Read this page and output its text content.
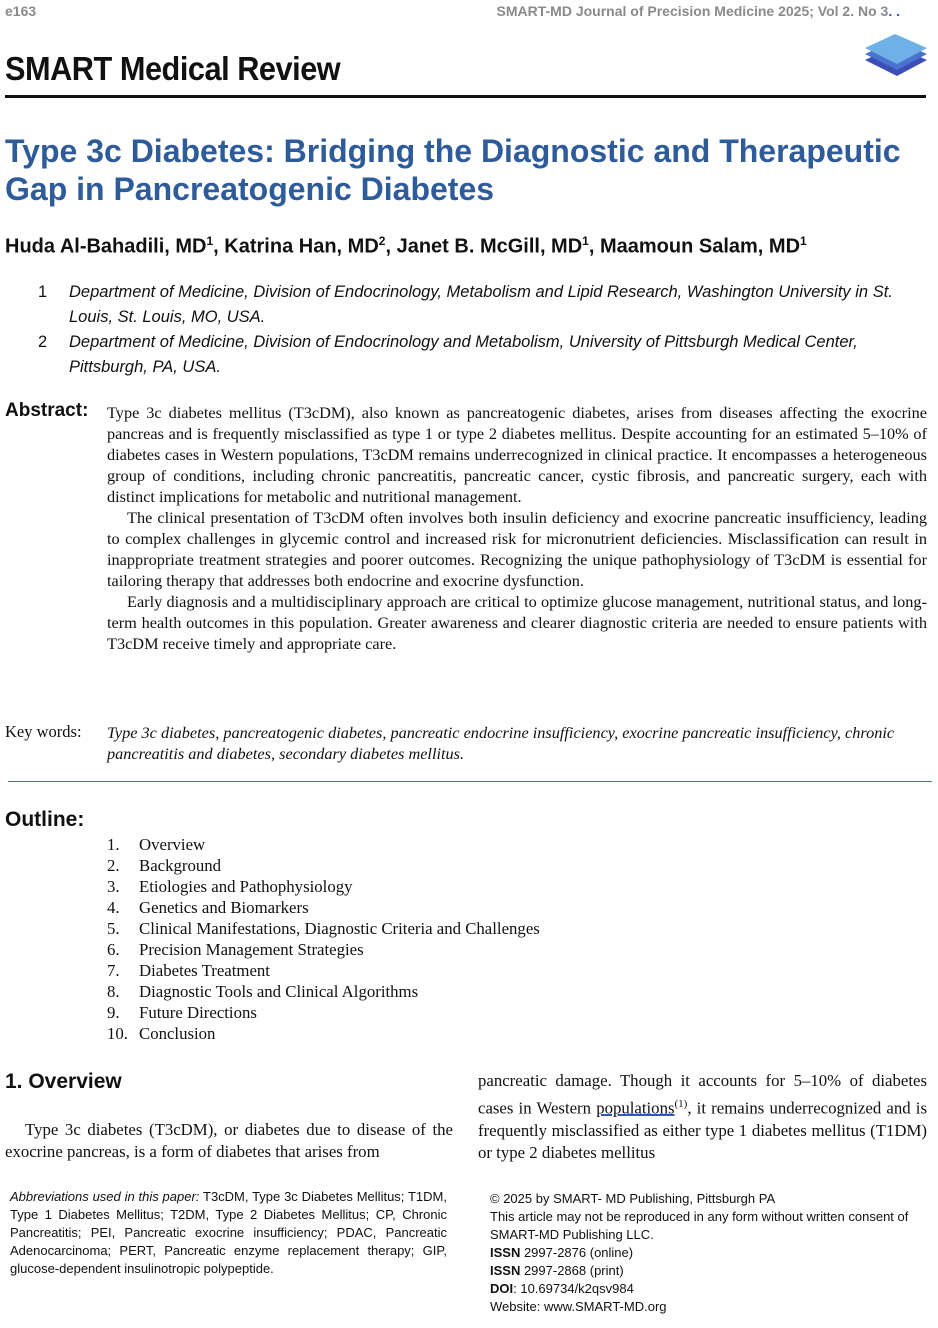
e163	SMART-MD Journal of Precision Medicine 2025; Vol 2. No 3. .
SMART Medical Review
Type 3c Diabetes: Bridging the Diagnostic and Therapeutic Gap in Pancreatogenic Diabetes
Huda Al-Bahadili, $MD^1$, Katrina Han, $MD^2$, Janet B. McGill, $MD^1$, Maamoun Salam, $MD^1$
1 Department of Medicine, Division of Endocrinology, Metabolism and Lipid Research, Washington University in St. Louis, St. Louis, MO, USA.
2 Department of Medicine, Division of Endocrinology and Metabolism, University of Pittsburgh Medical Center, Pittsburgh, PA, USA.
Abstract: Type 3c diabetes mellitus (T3cDM), also known as pancreatogenic diabetes, arises from diseases affecting the exocrine pancreas and is frequently misclassified as type 1 or type 2 diabetes mellitus. Despite accounting for an estimated 5–10% of diabetes cases in Western populations, T3cDM remains underrecognized in clinical practice. It encompasses a heterogeneous group of conditions, including chronic pancreatitis, pancreatic cancer, cystic fibrosis, and pancreatic surgery, each with distinct implications for metabolic and nutritional management.

The clinical presentation of T3cDM often involves both insulin deficiency and exocrine pancreatic insufficiency, leading to complex challenges in glycemic control and increased risk for micronutrient deficiencies. Misclassification can result in inappropriate treatment strategies and poorer outcomes. Recognizing the unique pathophysiology of T3cDM is essential for tailoring therapy that addresses both endocrine and exocrine dysfunction.

Early diagnosis and a multidisciplinary approach are critical to optimize glucose management, nutritional status, and long-term health outcomes in this population. Greater awareness and clearer diagnostic criteria are needed to ensure patients with T3cDM receive timely and appropriate care.

Key words: Type 3c diabetes, pancreatogenic diabetes, pancreatic endocrine insufficiency, exocrine pancreatic insufficiency, chronic pancreatitis and diabetes, secondary diabetes mellitus.
Outline:
1. Overview
2. Background
3. Etiologies and Pathophysiology
4. Genetics and Biomarkers
5. Clinical Manifestations, Diagnostic Criteria and Challenges
6. Precision Management Strategies
7. Diabetes Treatment
8. Diagnostic Tools and Clinical Algorithms
9. Future Directions
10. Conclusion
1. Overview

Type 3c diabetes (T3cDM), or diabetes due to disease of the exocrine pancreas, is a form of diabetes that arises from

pancreatic damage. Though it accounts for 5–10% of diabetes cases in Western populations$^{(1)}$, it remains underrecognized and is frequently misclassified as either type 1 diabetes mellitus (T1DM) or type 2 diabetes mellitus

Abbreviations used in this paper: T3cDM, Type 3c Diabetes Mellitus; T1DM, Type 1 Diabetes Mellitus; T2DM, Type 2 Diabetes Mellitus; CP, Chronic Pancreatitis; PEI, Pancreatic exocrine insufficiency; PDAC, Pancreatic Adenocarcinoma; PERT, Pancreatic enzyme replacement therapy; GIP, glucose-dependent insulinotropic polypeptide.
© 2025 by SMART- MD Publishing, Pittsburgh PA
This article may not be reproduced in any form without written consent of SMART-MD Publishing LLC.
ISSN 2997-2876 (online)
ISSN 2997-2868 (print)
DOI: 10.69734/k2qsv984
Website: www.SMART-MD.org
